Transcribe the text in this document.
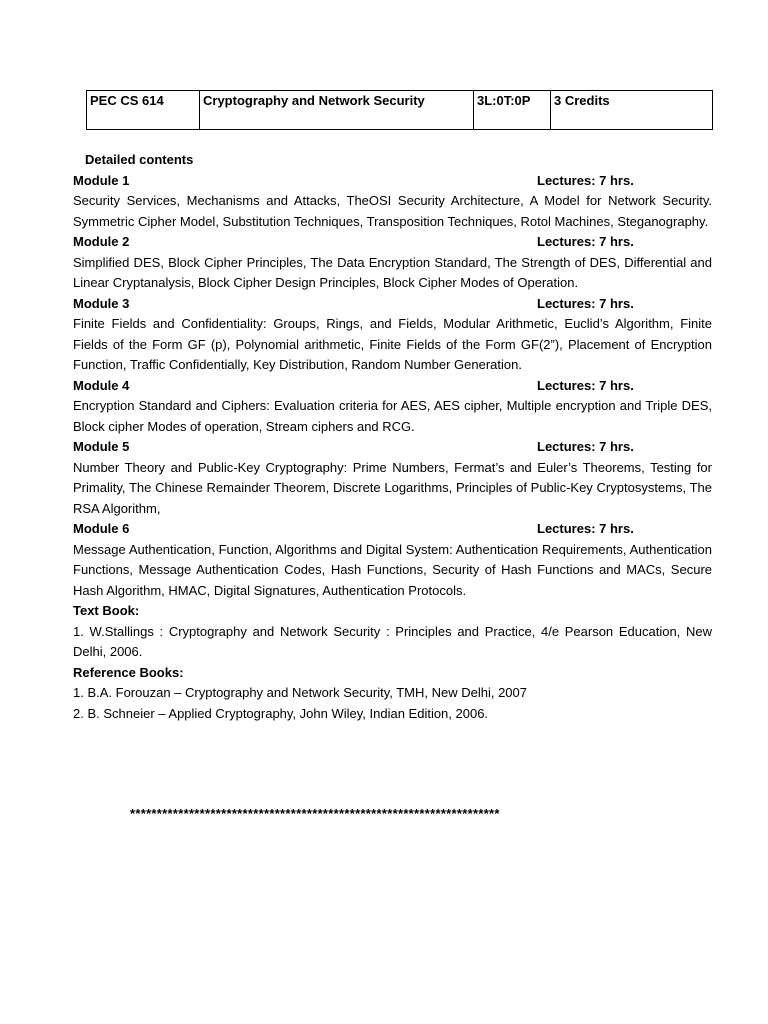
PEC CS 614	Cryptography and Network Security	3L:0T:0P	3 Credits
Detailed contents
Module 1	Lectures: 7 hrs.
Security Services, Mechanisms and Attacks, TheOSI Security Architecture, A Model for Network Security. Symmetric Cipher Model, Substitution Techniques, Transposition Techniques, Rotol Machines, Steganography.
Module 2	Lectures: 7 hrs.
Simplified DES, Block Cipher Principles, The Data Encryption Standard, The Strength of DES, Differential and Linear Cryptanalysis, Block Cipher Design Principles, Block Cipher Modes of Operation.
Module 3	Lectures: 7 hrs.
Finite Fields and Confidentiality: Groups, Rings, and Fields, Modular Arithmetic, Euclid’s Algorithm, Finite Fields of the Form GF (p), Polynomial arithmetic, Finite Fields of the Form GF(2”), Placement of Encryption Function, Traffic Confidentially, Key Distribution, Random Number Generation.
Module 4	Lectures: 7 hrs.
Encryption Standard and Ciphers: Evaluation criteria for AES, AES cipher, Multiple encryption and Triple DES, Block cipher Modes of operation, Stream ciphers and RCG.
Module 5	Lectures: 7 hrs.
Number Theory and Public-Key Cryptography: Prime Numbers, Fermat’s and Euler’s Theorems, Testing for Primality, The Chinese Remainder Theorem, Discrete Logarithms, Principles of Public-Key Cryptosystems, The RSA Algorithm,
Module 6	Lectures: 7 hrs.
Message Authentication, Function, Algorithms and Digital System: Authentication Requirements, Authentication Functions, Message Authentication Codes, Hash Functions, Security of Hash Functions and MACs, Secure Hash Algorithm, HMAC, Digital Signatures, Authentication Protocols.
Text Book:
1. W.Stallings : Cryptography and Network Security : Principles and Practice, 4/e Pearson Education, New Delhi, 2006.
Reference Books:
1. B.A. Forouzan – Cryptography and Network Security, TMH, New Delhi, 2007
2. B. Schneier – Applied Cryptography, John Wiley, Indian Edition, 2006.
*********************************************************************
